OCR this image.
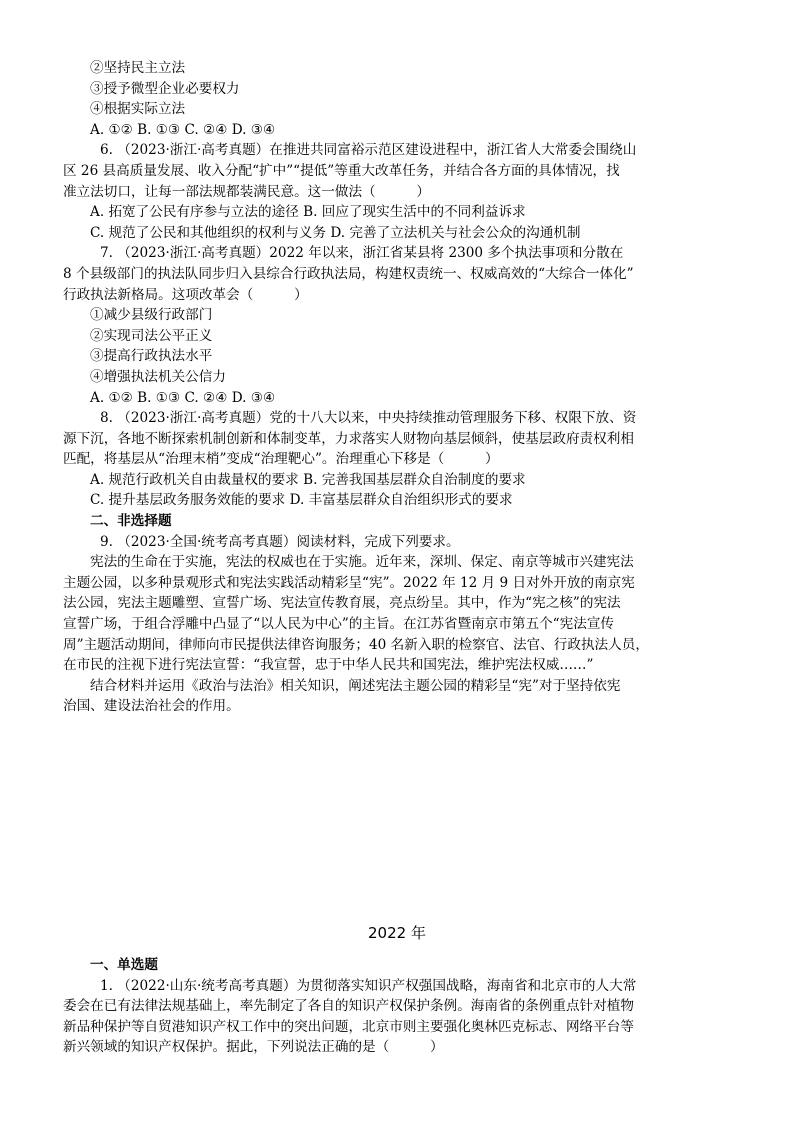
②坚持民主立法
③授予微型企业必要权力
④根据实际立法
A. ①② B. ①③ C. ②④ D. ③④
6. （2023·浙江·高考真题）在推进共同富裕示范区建设进程中，浙江省人大常委会围绕山
区 26 县高质量发展、收入分配“扩中”“提低”等重大改革任务，并结合各方面的具体情况，找
准立法切口，让每一部法规都装满民意。这一做法（　　　）
A. 拓宽了公民有序参与立法的途径 B. 回应了现实生活中的不同利益诉求
C. 规范了公民和其他组织的权利与义务 D. 完善了立法机关与社会公众的沟通机制
7. （2023·浙江·高考真题）2022 年以来，浙江省某县将 2300 多个执法事项和分散在
8 个县级部门的执法队同步归入县综合行政执法局，构建权责统一、权威高效的“大综合一体化”
行政执法新格局。这项改革会（　　　）
①减少县级行政部门
②实现司法公平正义
③提高行政执法水平
④增强执法机关公信力
A. ①② B. ①③ C. ②④ D. ③④
8. （2023·浙江·高考真题）党的十八大以来，中央持续推动管理服务下移、权限下放、资
源下沉，各地不断探索机制创新和体制变革，力求落实人财物向基层倾斜，使基层政府责权利相
匹配，将基层从“治理末梢”变成“治理靶心”。治理重心下移是（　　　）
A. 规范行政机关自由裁量权的要求 B. 完善我国基层群众自治制度的要求
C. 提升基层政务服务效能的要求 D. 丰富基层群众自治组织形式的要求
二、非选择题
9. （2023·全国·统考高考真题）阅读材料，完成下列要求。
宪法的生命在于实施，宪法的权威也在于实施。近年来，深圳、保定、南京等城市兴建宪法
主题公园，以多种景观形式和宪法实践活动精彩呈“宪”。2022 年 12 月 9 日对外开放的南京宪
法公园，宪法主题雕塑、宣誓广场、宪法宣传教育展，亮点纷呈。其中，作为“宪之核”的宪法
宣誓广场，于组合浮雕中凸显了“以人民为中心”的主旨。在江苏省暨南京市第五个“宪法宣传
周”主题活动期间，律师向市民提供法律咨询服务；40 名新入职的检察官、法官、行政执法人员，
在市民的注视下进行宪法宣誓：“我宣誓，忠于中华人民共和国宪法，维护宪法权威……”
结合材料并运用《政治与法治》相关知识，阐述宪法主题公园的精彩呈“宪”对于坚持依宪
治国、建设法治社会的作用。
2022 年
一、单选题
1. （2022·山东·统考高考真题）为贯彻落实知识产权强国战略，海南省和北京市的人大常
委会在已有法律法规基础上，率先制定了各自的知识产权保护条例。海南省的条例重点针对植物
新品种保护等自贸港知识产权工作中的突出问题，北京市则主要强化奥林匹克标志、网络平台等
新兴领域的知识产权保护。据此，下列说法正确的是（　　　）
